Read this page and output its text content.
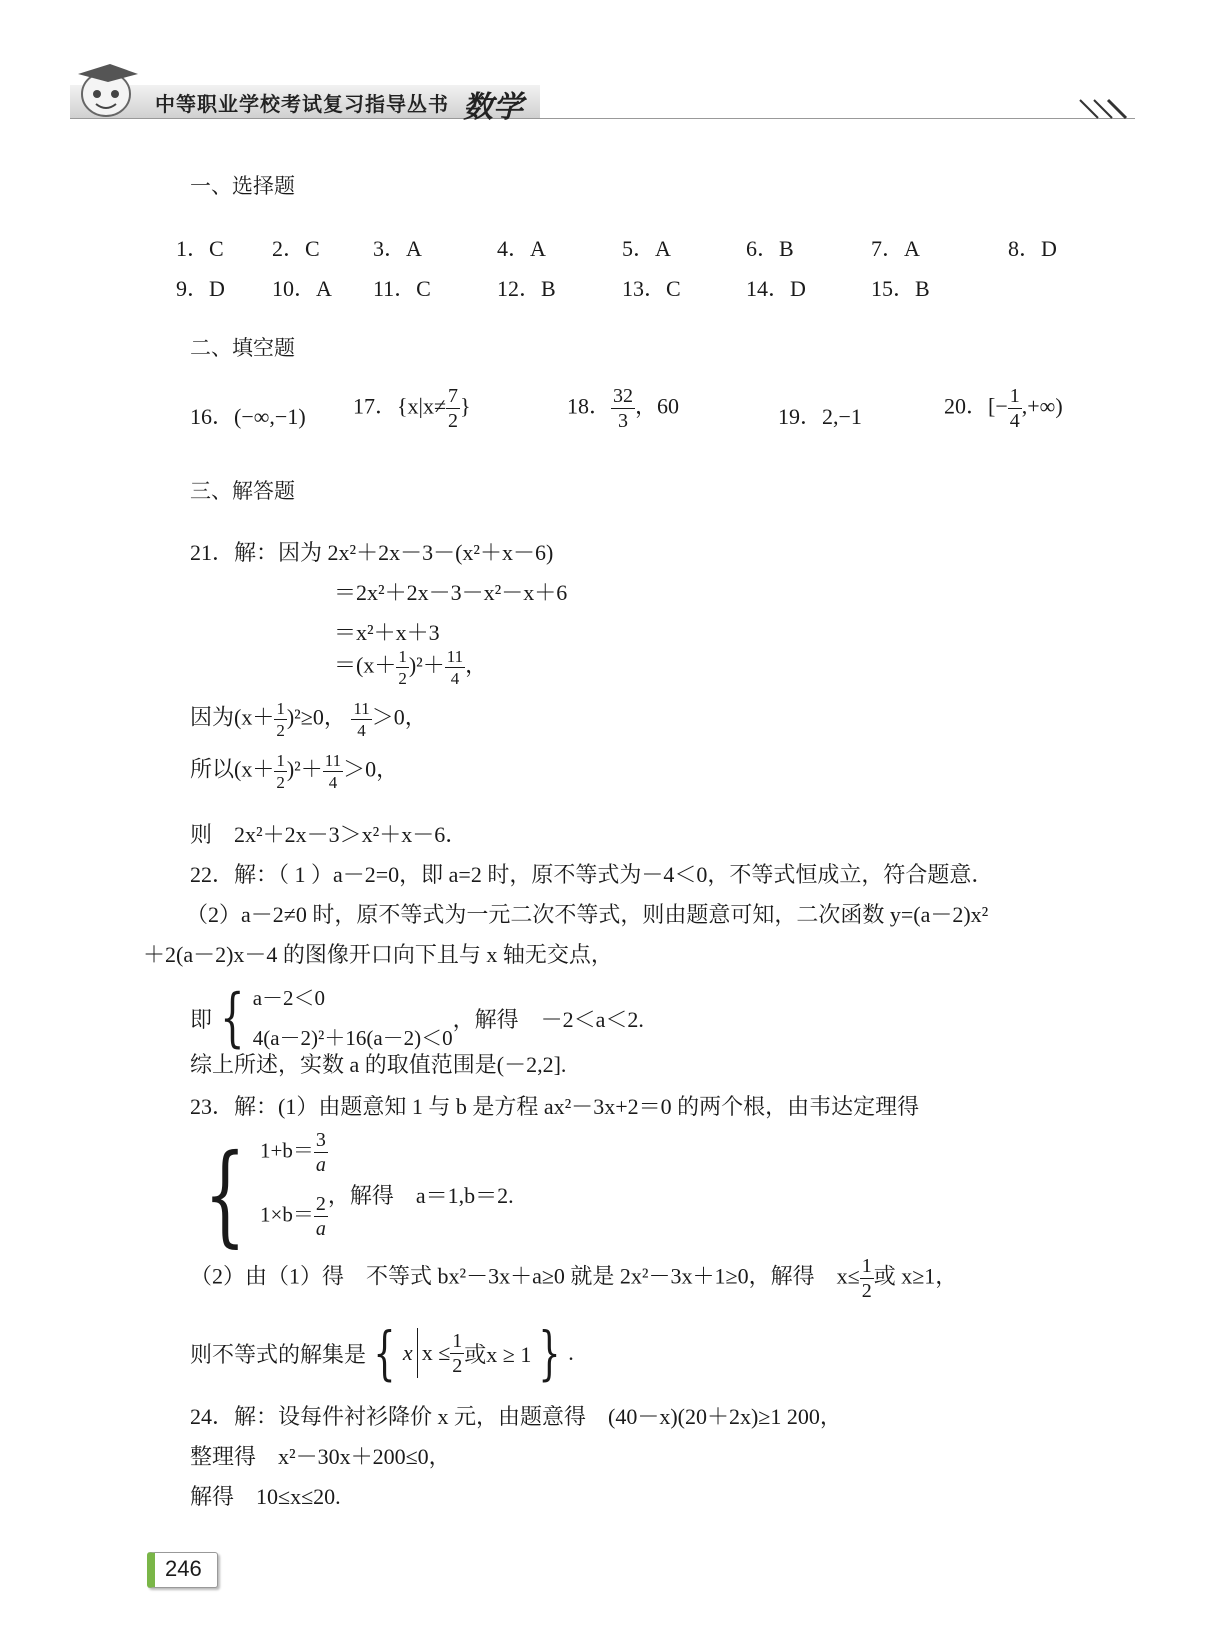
中等职业学校考试复习指导丛书 数学
一、选择题
1．C 2．C 3．A	4．A	5．A	6．B	7．A	8．D
9．D 10．A 11．C	12．B	13．C	14．D	15．B
二、填空题
16．(−∞,−1) 17．{$x|x\ne \frac{7}{2}$ }	18． $\frac{32}{3}$ ，60	19．2,−1	20．[− $\frac{1}{4}$ ,+∞)
三、解答题
21．解：因为 2x²＋2x－3－(x²＋x－6)
＝2x²＋2x－3－x²－x＋6
＝x²＋x＋3
$=(x+ \frac{1}{2} )^2+ \frac{11}{4}$ ，
因为$(x+ \frac{1}{2} )^2\ge 0$， $\frac{11}{4} >0$，
所以$(x+ \frac{1}{2} )^2+ \frac{11}{4} >0$，
则　2x²＋2x－3＞x²＋x－6．
22．解：（ 1 ）a－2=0，即 a=2 时，原不等式为－4＜0，不等式恒成立，符合题意．
（2）a－2≠0 时，原不等式为一元二次不等式，则由题意可知，二次函数 y=(a－2)x²
＋2(a－2)x－4 的图像开口向下且与 x 轴无交点，
即 { a－2＜0
4(a－2)²＋16(a－2)＜0
，解得　－2＜a＜2.
综上所述，实数 a 的取值范围是(－2,2].
23．解：(1）由题意知 1 与 b 是方程 ax²－3x+2＝0 的两个根，由韦达定理得
{ $1+b= \frac{3}{a}$
$1\times b= \frac{2}{a}$ ，解得　a＝1,b＝2.
（2）由（1）得　不等式 bx²－3x＋a≥0 就是 2x²－3x＋1≥0，解得　$x\le \frac{1}{2}$ 或 x≥1，
则不等式的解集是 { x $x \le \frac{1}{2}$ 或x ≥ 1 } .
24．解：设每件衬衫降价 x 元，由题意得　(40－x)(20＋2x)≥1 200，
整理得　x²－30x＋200≤0，
解得　10≤x≤20.
246
